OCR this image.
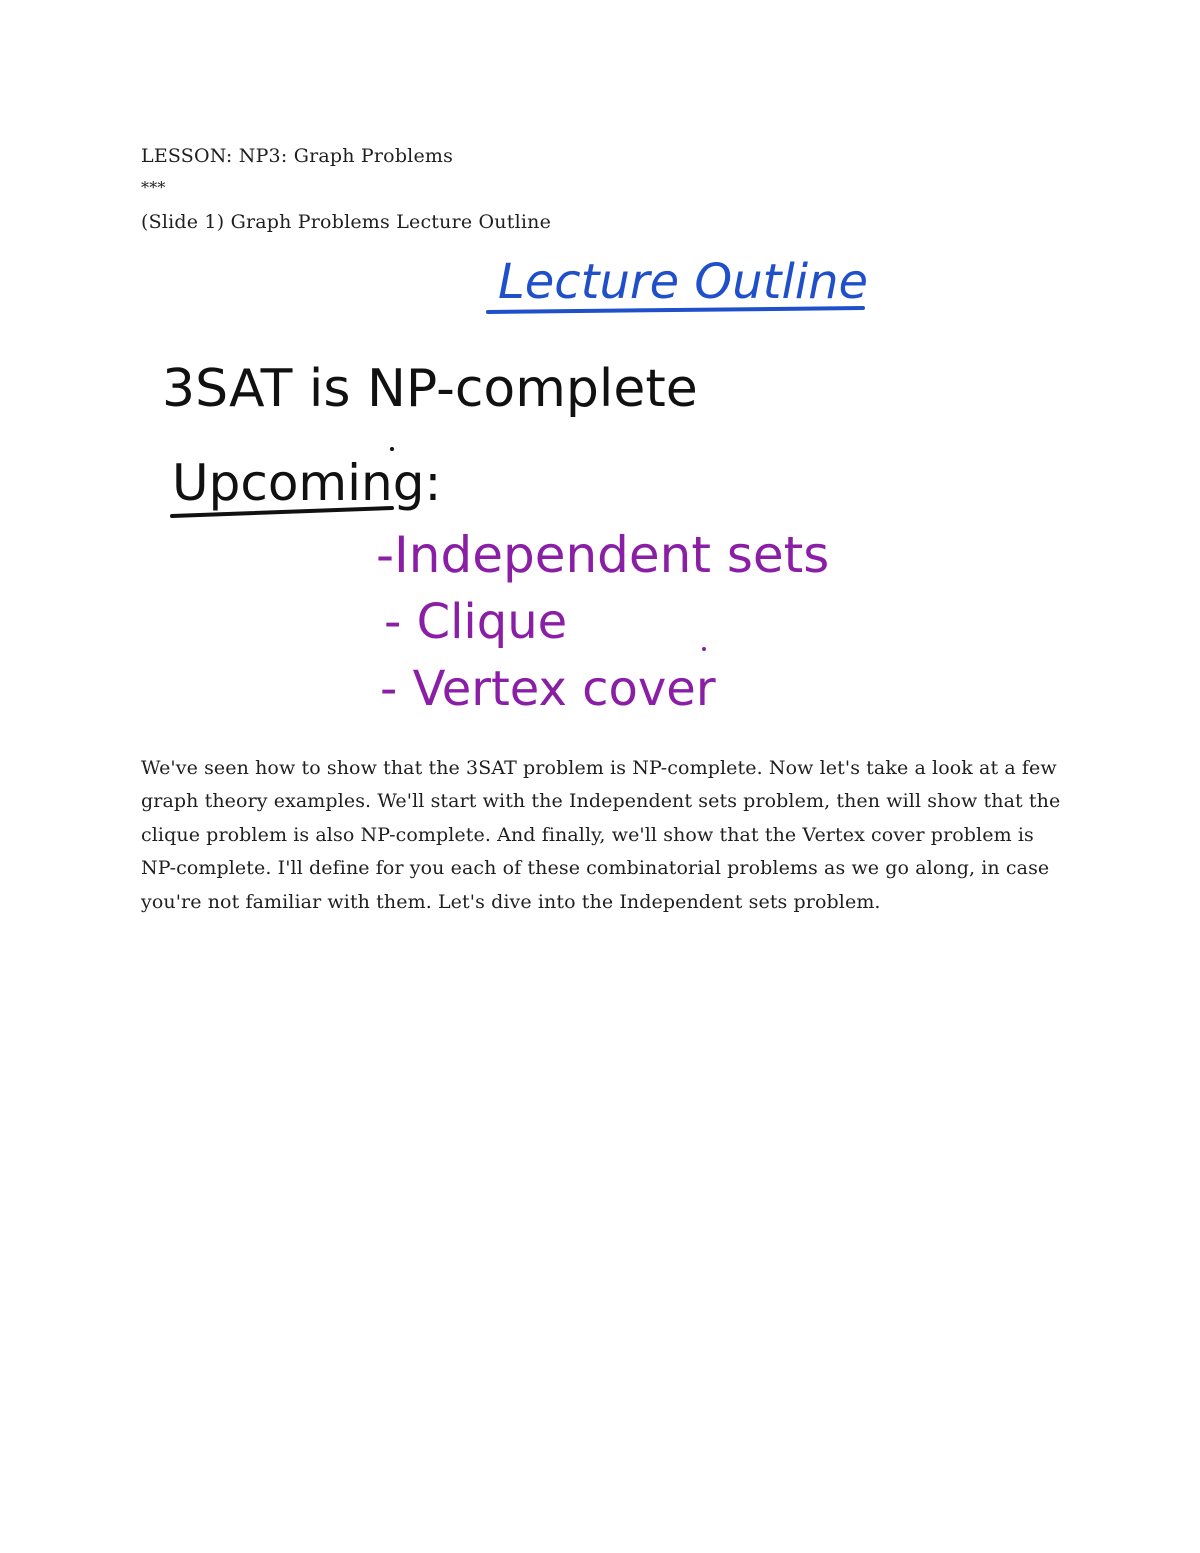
LESSON: NP3: Graph Problems
***
(Slide 1) Graph Problems Lecture Outline
Lecture Outline
3SAT is NP-complete
Upcoming:
-Independent sets
- Clique
- Vertex cover
We've seen how to show that the 3SAT problem is NP-complete. Now let's take a look at a few graph theory examples. We'll start with the Independent sets problem, then will show that the clique problem is also NP-complete. And finally, we'll show that the Vertex cover problem is NP-complete. I'll define for you each of these combinatorial problems as we go along, in case you're not familiar with them. Let's dive into the Independent sets problem.
